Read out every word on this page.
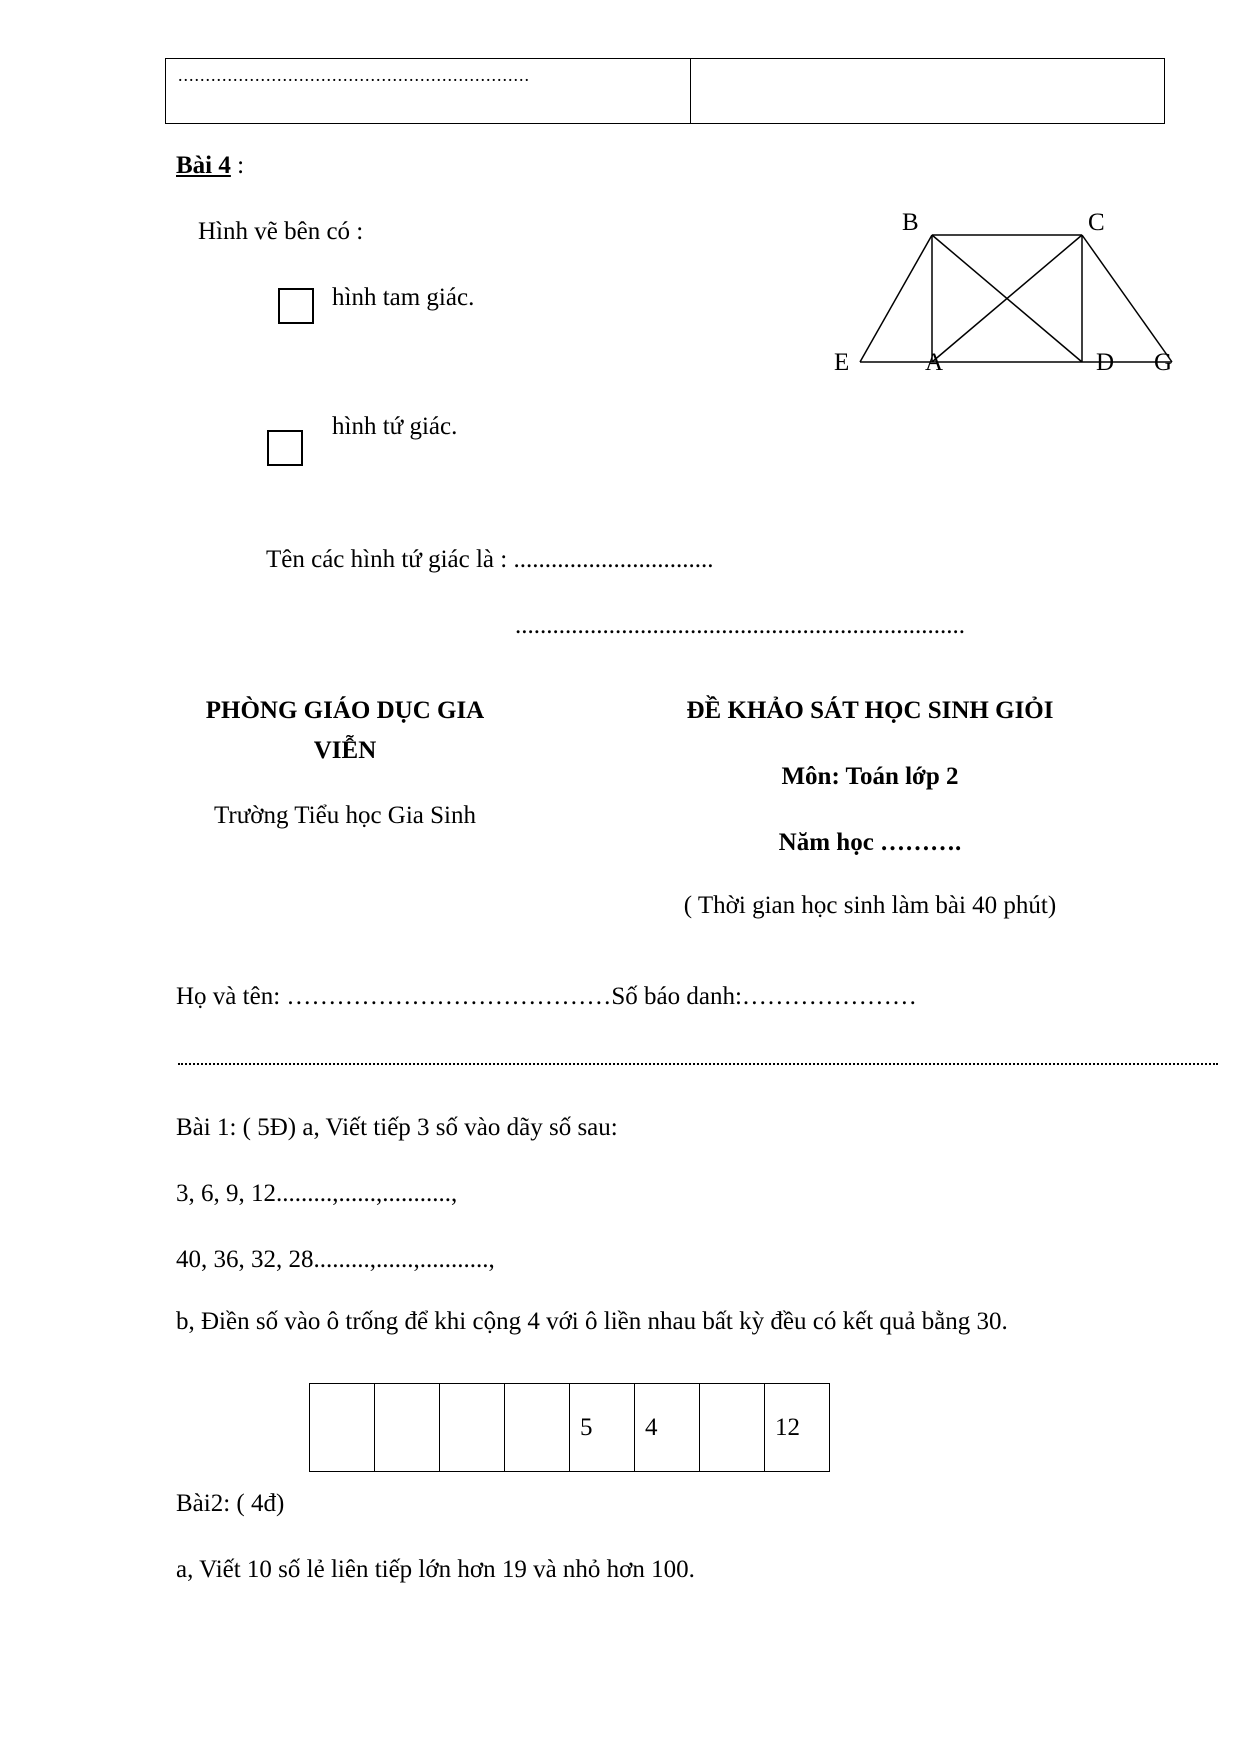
................................................................
Bài 4 :
Hình vẽ bên có :
hình tam giác.
hình tứ giác.
Tên các hình tứ giác là : ................................
........................................................................
B	C
E	A	D G
PHÒNG GIÁO DỤC GIA
VIỄN
Trường Tiểu học Gia Sinh
ĐỀ KHẢO SÁT HỌC SINH GIỎI
Môn: Toán lớp 2
Năm học ……….
( Thời gian học sinh làm bài 40 phút)
Họ và tên: …………………………………Số báo danh:…………………
Bài 1: ( 5Đ) a, Viết tiếp 3 số vào dãy số sau:
3, 6, 9, 12.........,......,...........,
40, 36, 32, 28.........,......,...........,
b, Điền số vào ô trống để khi cộng 4 với ô liền nhau bất kỳ đều có kết quả bằng 30.
				5	4		12
Bài2: ( 4đ)
a, Viết 10 số lẻ liên tiếp lớn hơn 19 và nhỏ hơn 100.
